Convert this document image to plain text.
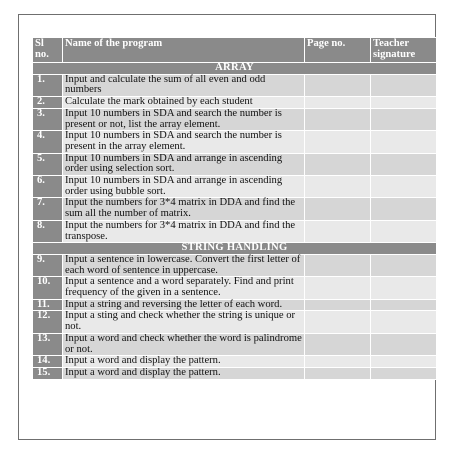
Sl no.	Name of the program	Page no.	Teacher signature
ARRAY			
1.	Input and calculate the sum of all even and odd numbers		
2.	Calculate the mark obtained by each student		
3.	Input 10 numbers in SDA and search the number is present or not, list the array element.		
4.	Input 10 numbers in SDA and search the number is present in the array element.		
5.	Input 10 numbers in SDA and arrange in ascending order using selection sort.		
6.	Input 10 numbers in SDA and arrange in ascending order using bubble sort.		
7.	Input the numbers for 3*4 matrix in DDA and find the sum all the number of matrix.		
8.	Input the numbers for 3*4 matrix in DDA and find the transpose.		
STRING HANDLING			
9.	Input a sentence in lowercase. Convert the first letter of each word of sentence in uppercase.		
10.	Input a sentence and a word separately. Find and print frequency of the given in a sentence.		
11.	Input a string and reversing the letter of each word.		
12.	Input a sting and check whether the string is unique or not.		
13.	Input a word and check whether the word is palindrome or not.		
14.	Input a word and display the pattern.		
15.	Input a word and display the pattern.		
